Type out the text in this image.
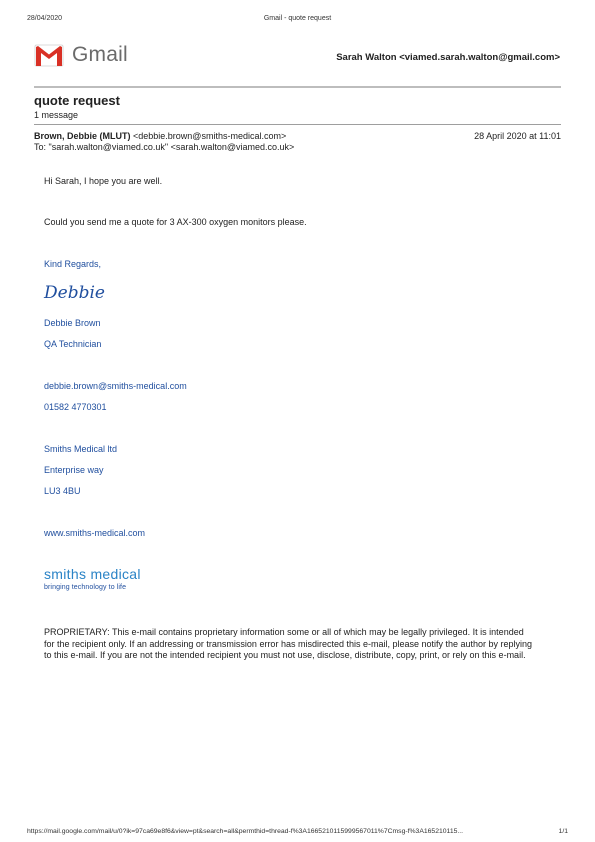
28/04/2020	Gmail - quote request
Gmail	Sarah Walton <viamed.sarah.walton@gmail.com>
quote request
1 message
Brown, Debbie (MLUT) <debbie.brown@smiths-medical.com>	28 April 2020 at 11:01
To: "sarah.walton@viamed.co.uk" <sarah.walton@viamed.co.uk>
Hi Sarah, I hope you are well.
Could you send me a quote for 3 AX-300 oxygen monitors please.
Kind Regards,
Debbie
Debbie Brown
QA Technician
debbie.brown@smiths-medical.com
01582 4770301
Smiths Medical ltd
Enterprise way
LU3 4BU
www.smiths-medical.com
smiths medical
bringing technology to life
PROPRIETARY: This e-mail contains proprietary information some or all of which may be legally privileged. It is intended for the recipient only. If an addressing or transmission error has misdirected this e-mail, please notify the author by replying to this e-mail. If you are not the intended recipient you must not use, disclose, distribute, copy, print, or rely on this e-mail.
https://mail.google.com/mail/u/0?ik=97ca69e8f6&view=pt&search=all&permthid=thread-f%3A1665210115999567011%7Cmsg-f%3A165210115...	1/1
